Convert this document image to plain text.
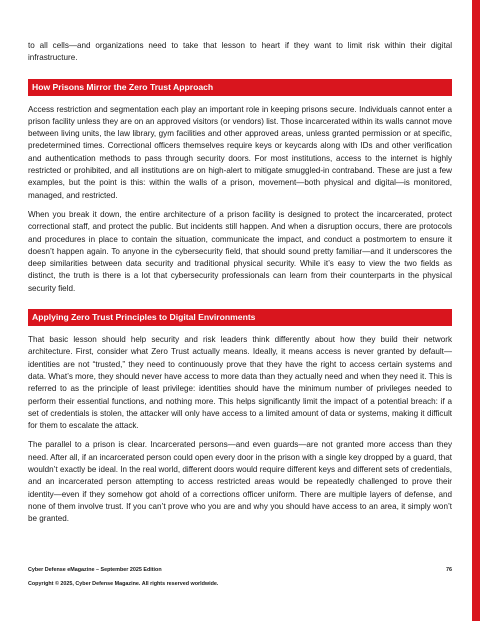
to all cells—and organizations need to take that lesson to heart if they want to limit risk within their digital infrastructure.

How Prisons Mirror the Zero Trust Approach

Access restriction and segmentation each play an important role in keeping prisons secure. Individuals cannot enter a prison facility unless they are on an approved visitors (or vendors) list. Those incarcerated within its walls cannot move between living units, the law library, gym facilities and other approved areas, unless granted permission or at specific, predetermined times. Correctional officers themselves require keys or keycards along with IDs and other verification and authentication methods to pass through security doors. For most institutions, access to the internet is highly restricted or prohibited, and all institutions are on high-alert to mitigate smuggled-in contraband. These are just a few examples, but the point is this: within the walls of a prison, movement—both physical and digital—is monitored, managed, and restricted.

When you break it down, the entire architecture of a prison facility is designed to protect the incarcerated, protect correctional staff, and protect the public. But incidents still happen. And when a disruption occurs, there are protocols and procedures in place to contain the situation, communicate the impact, and conduct a postmortem to ensure it doesn’t happen again. To anyone in the cybersecurity field, that should sound pretty familiar—and it underscores the deep similarities between data security and traditional physical security. While it’s easy to view the two fields as distinct, the truth is there is a lot that cybersecurity professionals can learn from their counterparts in the physical security field.

Applying Zero Trust Principles to Digital Environments

That basic lesson should help security and risk leaders think differently about how they build their network architecture. First, consider what Zero Trust actually means. Ideally, it means access is never granted by default—identities are not “trusted,” they need to continuously prove that they have the right to access certain systems and data. What’s more, they should never have access to more data than they actually need and when they need it. This is referred to as the principle of least privilege: identities should have the minimum number of privileges needed to perform their essential functions, and nothing more. This helps significantly limit the impact of a potential breach: if a set of credentials is stolen, the attacker will only have access to a limited amount of data or systems, making it difficult for them to escalate the attack.

The parallel to a prison is clear. Incarcerated persons—and even guards—are not granted more access than they need. After all, if an incarcerated person could open every door in the prison with a single key dropped by a guard, that wouldn’t exactly be ideal. In the real world, different doors would require different keys and different sets of credentials, and an incarcerated person attempting to access restricted areas would be repeatedly challenged to prove their identity—even if they somehow got ahold of a corrections officer uniform. There are multiple layers of defense, and none of them involve trust. If you can’t prove who you are and why you should have access to an area, it simply won’t be granted.

Cyber Defense eMagazine – September 2025 Edition	76
Copyright © 2025, Cyber Defense Magazine. All rights reserved worldwide.
